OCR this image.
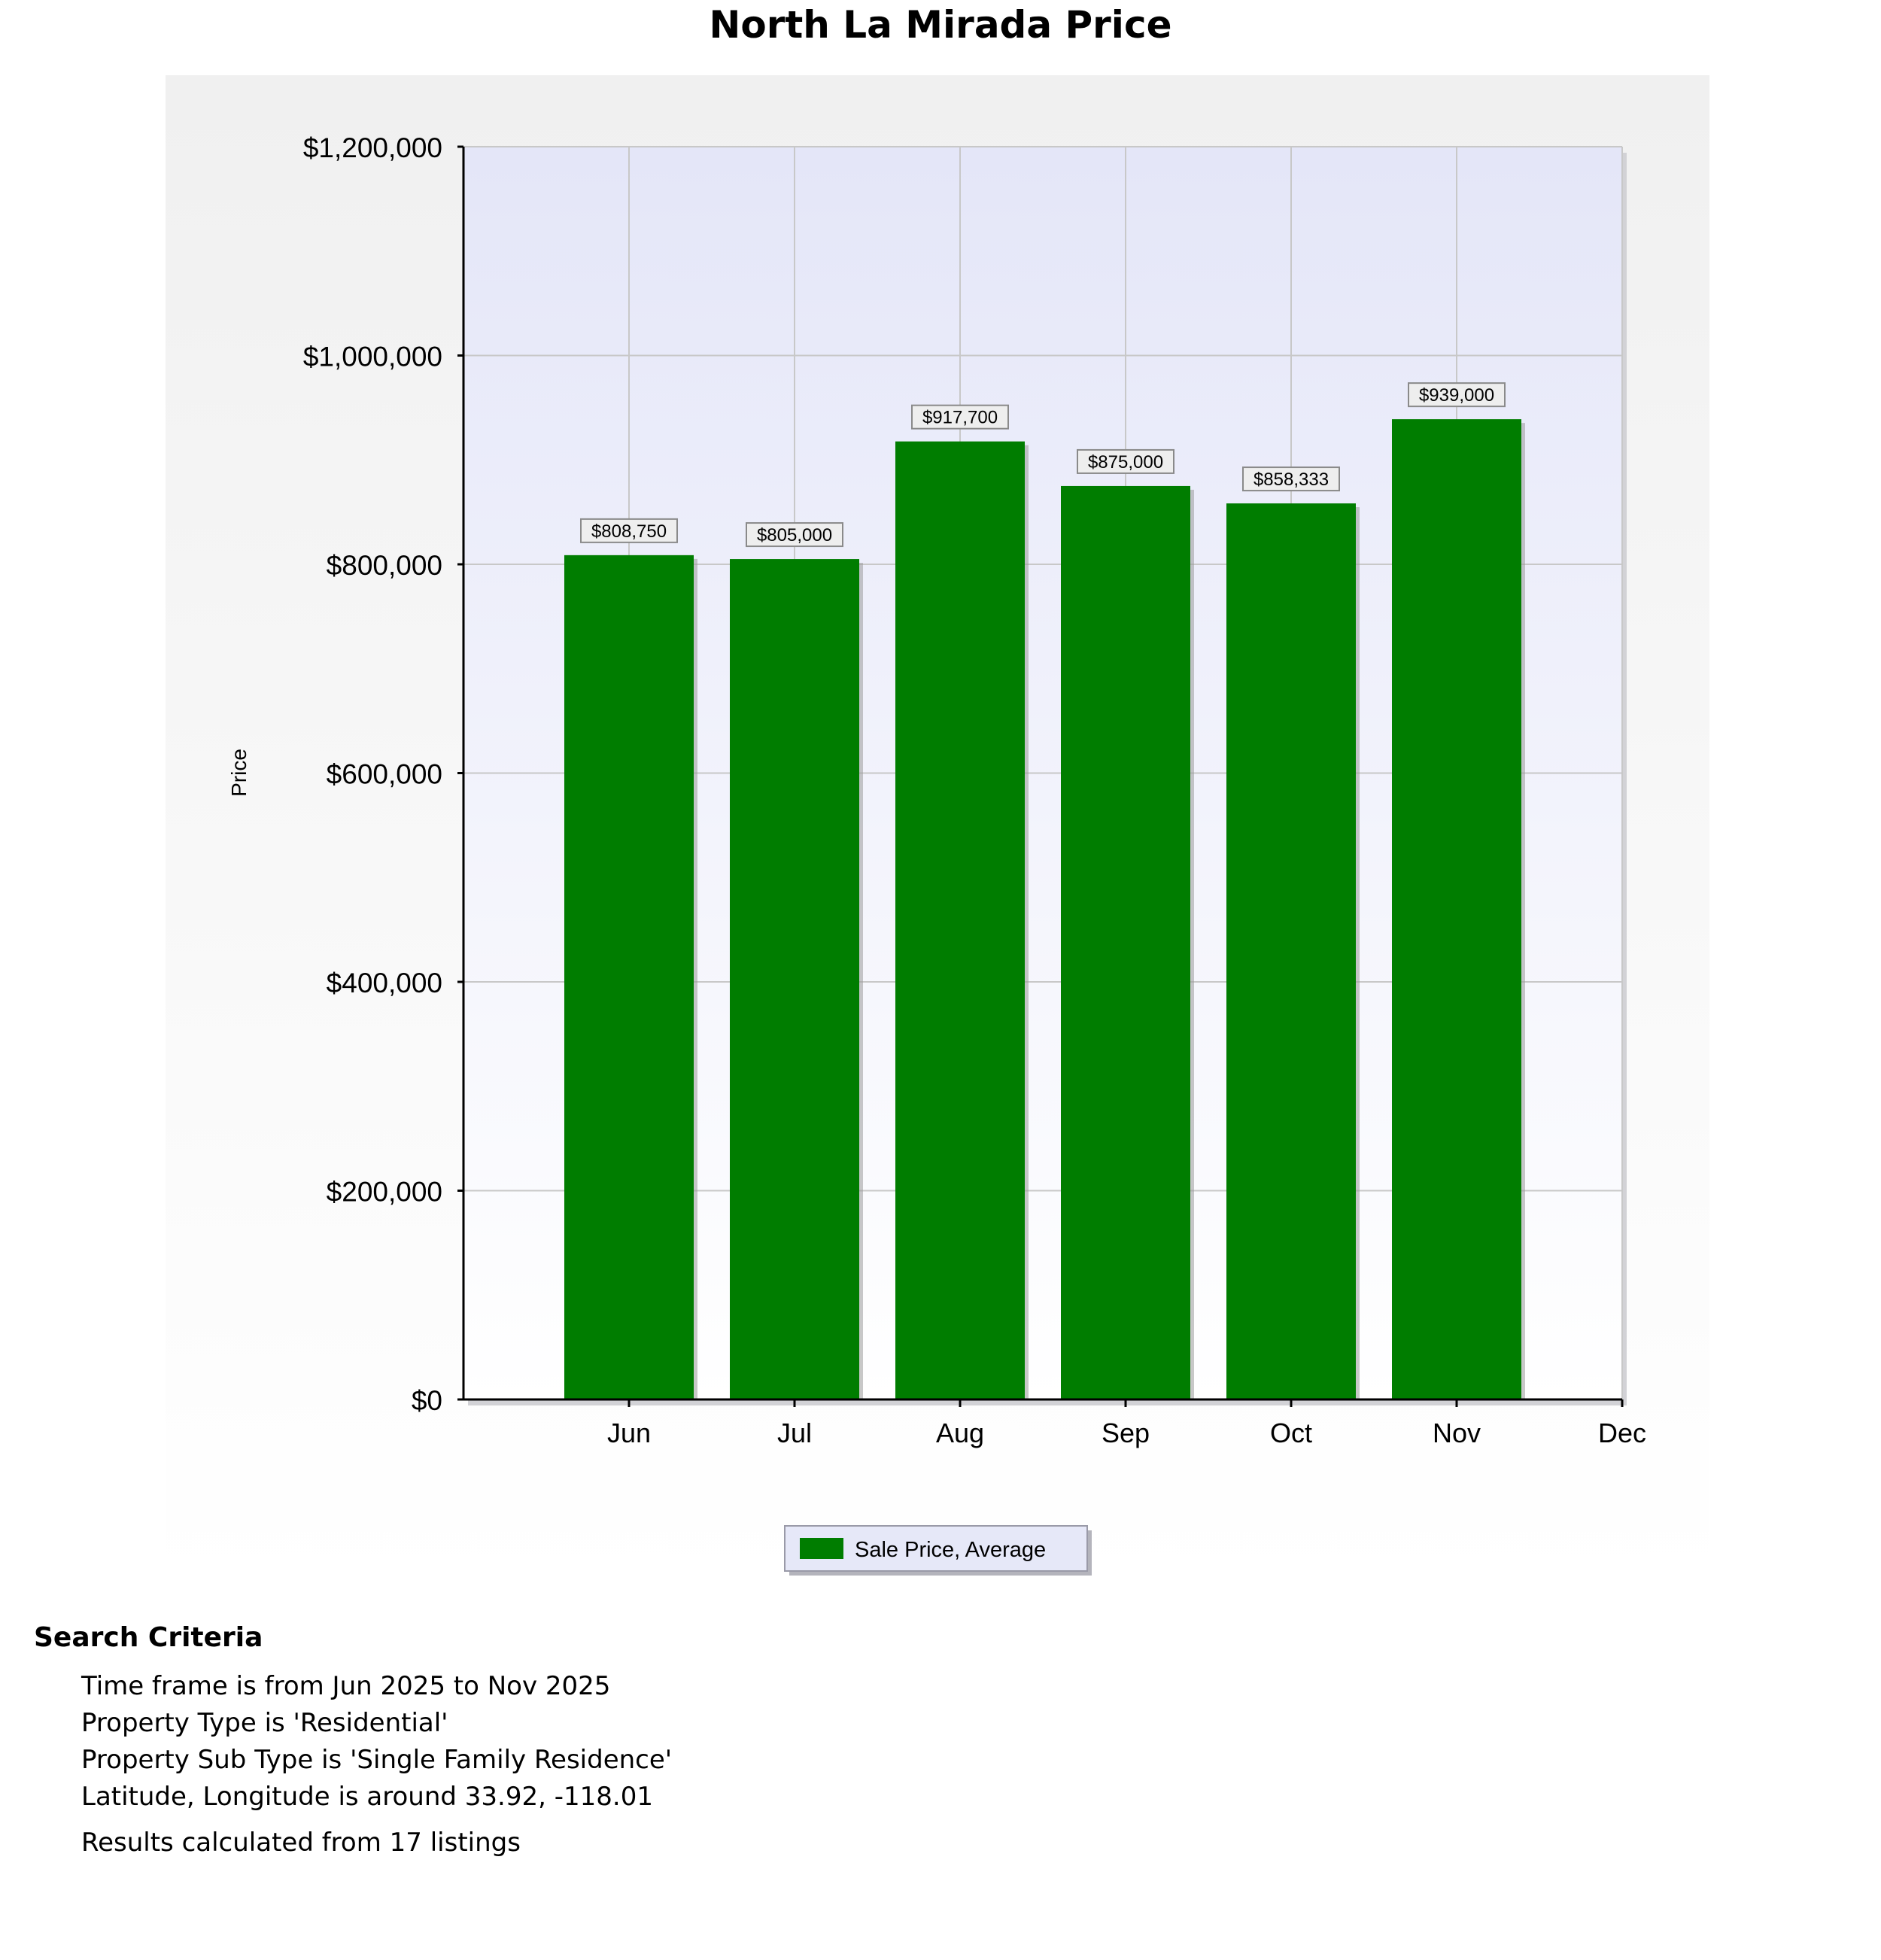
North La Mirada Price
$0
$200,000
$400,000
$600,000
$800,000
$1,000,000
$1,200,000
Jun	Jul	Aug	Sep	Oct	Nov	Dec
$808,750	$805,000
$917,700
$875,000
$858,333
$939,000
Price
Sale Price, Average
Search Criteria
Time frame is from Jun 2025 to Nov 2025
Property Type is 'Residential'
Property Sub Type is 'Single Family Residence'
Latitude, Longitude is around 33.92, -118.01
Results calculated from 17 listings
